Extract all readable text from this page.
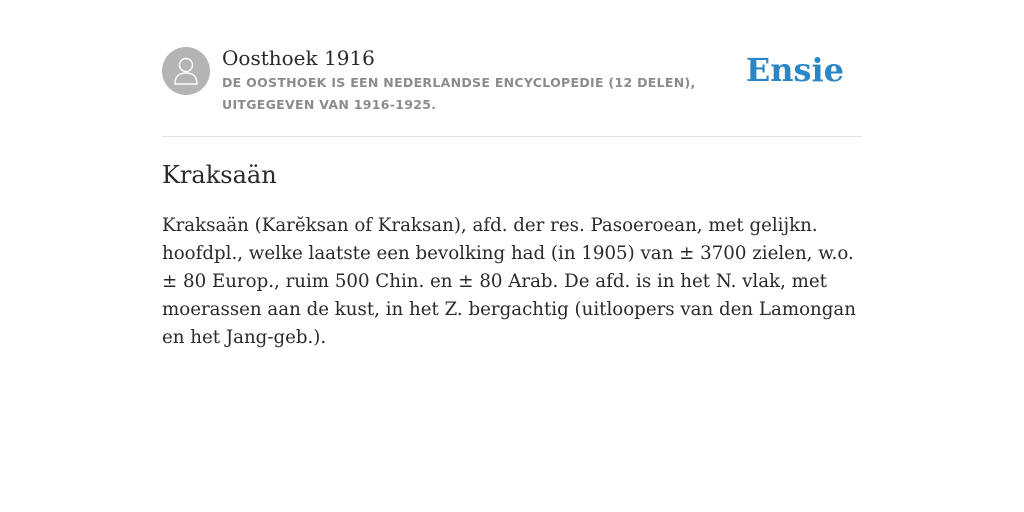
Oosthoek 1916
DE OOSTHOEK IS EEN NEDERLANDSE ENCYCLOPEDIE (12 DELEN), UITGEGEVEN VAN 1916-1925.
Ensie
Kraksaän

Kraksaän (Karĕksan of Kraksan), afd. der res. Pasoeroean, met gelijkn. hoofdpl., welke laatste een bevolking had (in 1905) van ± 3700 zielen, w.o. ± 80 Europ., ruim 500 Chin. en ± 80 Arab. De afd. is in het N. vlak, met moerassen aan de kust, in het Z. bergachtig (uitloopers van den Lamongan en het Jang-geb.).
